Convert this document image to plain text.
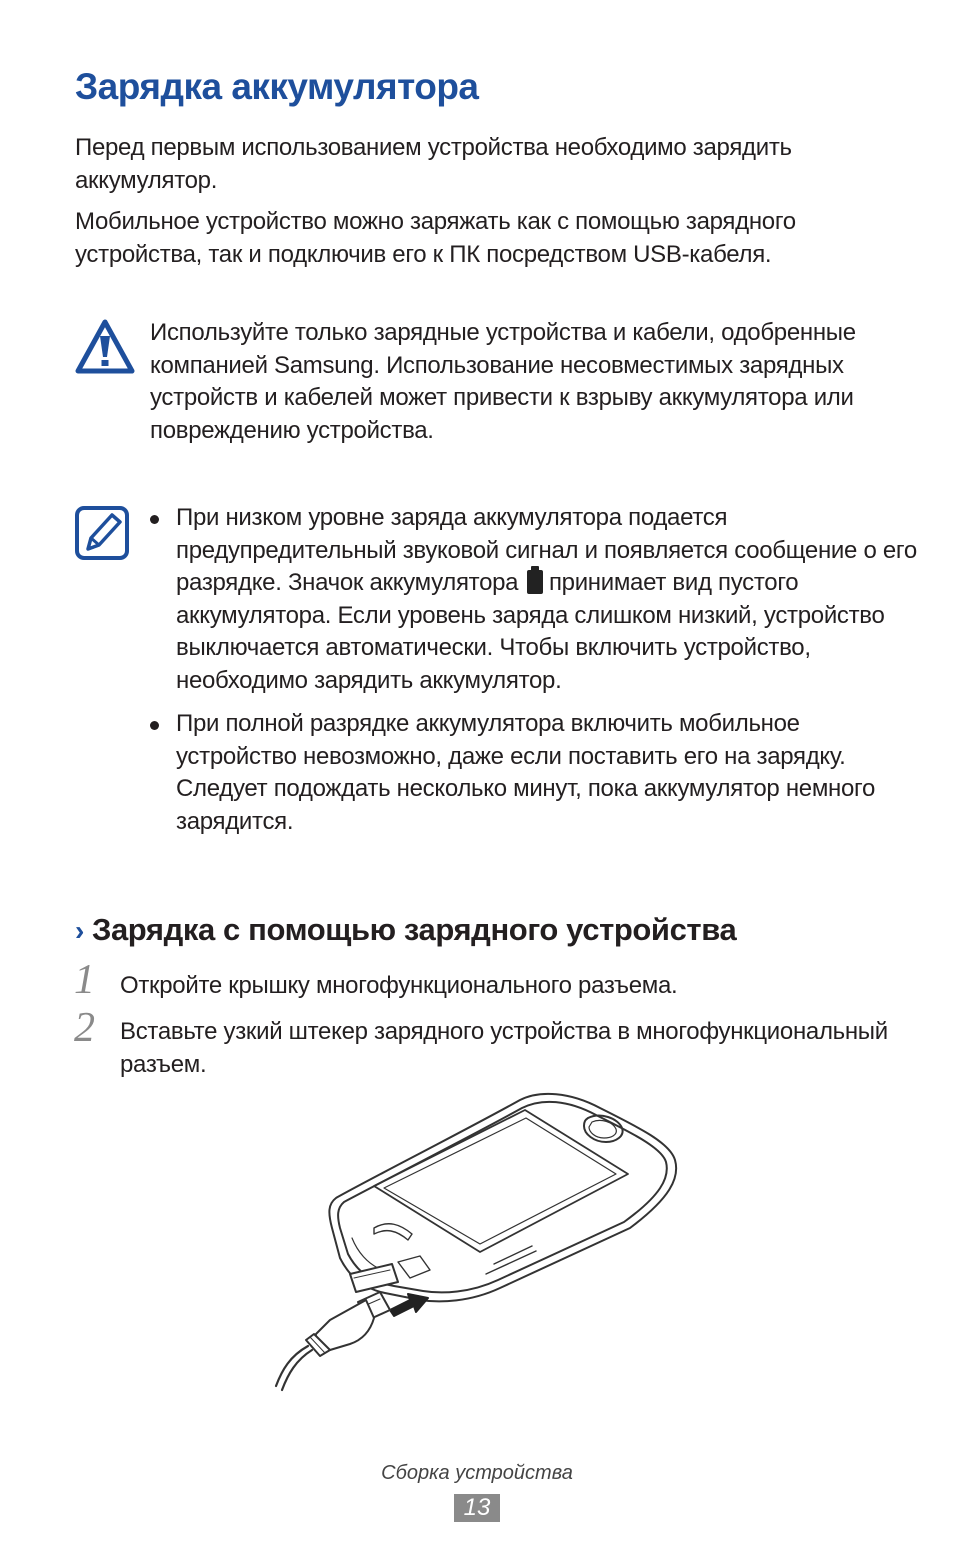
Зарядка аккумулятора

Перед первым использованием устройства необходимо зарядить аккумулятор.

Мобильное устройство можно заряжать как с помощью зарядного устройства, так и подключив его к ПК посредством USB-кабеля.

Используйте только зарядные устройства и кабели, одобренные компанией Samsung. Использование несовместимых зарядных устройств и кабелей может привести к взрыву аккумулятора или повреждению устройства.

При низком уровне заряда аккумулятора подается предупредительный звуковой сигнал и появляется сообщение о его разрядке. Значок аккумулятора  принимает вид пустого аккумулятора. Если уровень заряда слишком низкий, устройство выключается автоматически. Чтобы включить устройство, необходимо зарядить аккумулятор.
При полной разрядке аккумулятора включить мобильное устройство невозможно, даже если поставить его на зарядку. Следует подождать несколько минут, пока аккумулятор немного зарядится.
› Зарядка с помощью зарядного устройства
1 Откройте крышку многофункционального разъема.

2 Вставьте узкий штекер зарядного устройства в многофункциональный разъем.

Сборка устройства
13
